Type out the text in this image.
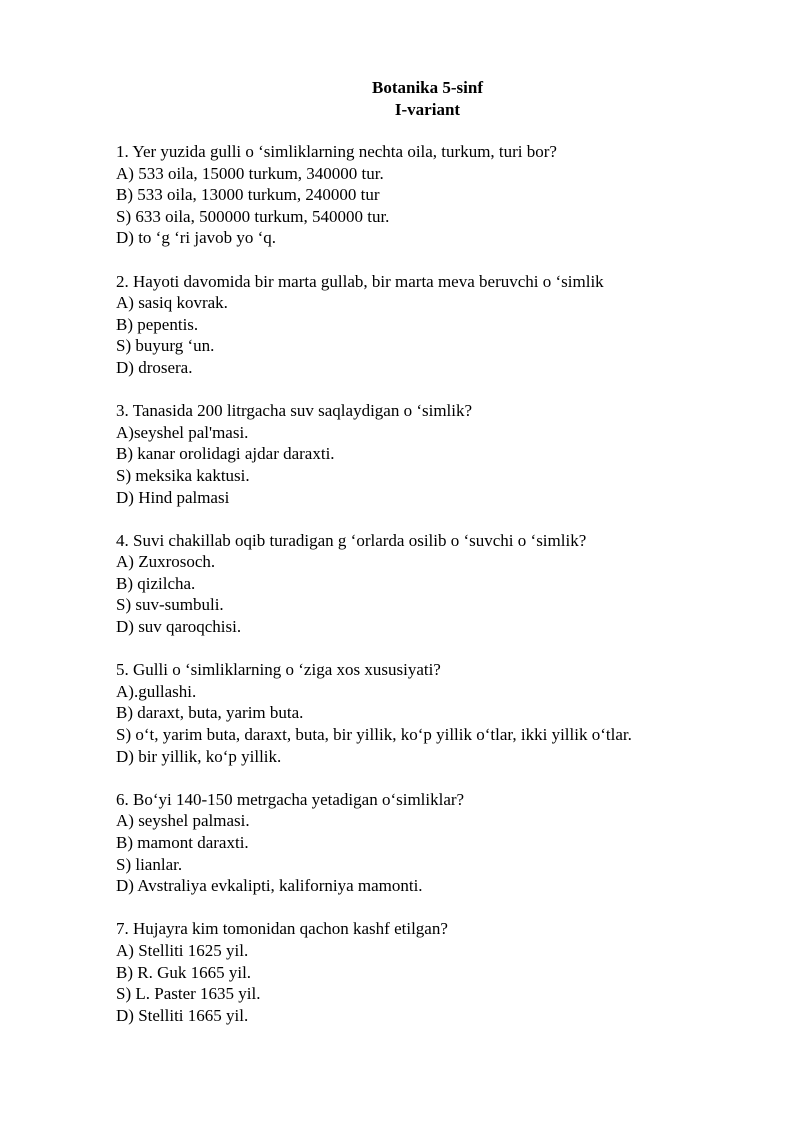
Botanika 5-sinf
I-variant
1. Yer yuzida gulli o ‘simliklarning nechta oila, turkum, turi bor?
A) 533 oila, 15000 turkum, 340000 tur.
B) 533 oila, 13000 turkum, 240000 tur
S) 633 oila, 500000 turkum, 540000 tur.
D) to ‘g ‘ri javob yo ‘q.
2. Hayoti davomida bir marta gullab, bir marta meva beruvchi o ‘simlik
A) sasiq kovrak.
B) pepentis.
S) buyurg ‘un.
D) drosera.
3. Tanasida 200 litrgacha suv saqlaydigan o ‘simlik?
A)seyshel pal'masi.
B) kanar orolidagi ajdar daraxti.
S) meksika kaktusi.
D) Hind palmasi
4. Suvi chakillab oqib turadigan g ‘orlarda osilib o ‘suvchi o ‘simlik?
A) Zuxrosoch.
B) qizilcha.
S) suv-sumbuli.
D) suv qaroqchisi.
5. Gulli o ‘simliklarning o ‘ziga xos xususiyati?
A).gullashi.
B) daraxt, buta, yarim buta.
S) o‘t, yarim buta, daraxt, buta, bir yillik, ko‘p yillik o‘tlar, ikki yillik o‘tlar.
D) bir yillik, ko‘p yillik.
6. Bo‘yi 140-150 metrgacha yetadigan o‘simliklar?
A) seyshel palmasi.
B) mamont daraxti.
S) lianlar.
D) Avstraliya evkalipti, kaliforniya mamonti.
7. Hujayra kim tomonidan qachon kashf etilgan?
A) Stelliti 1625 yil.
B) R. Guk 1665 yil.
S) L. Paster 1635 yil.
D) Stelliti 1665 yil.
